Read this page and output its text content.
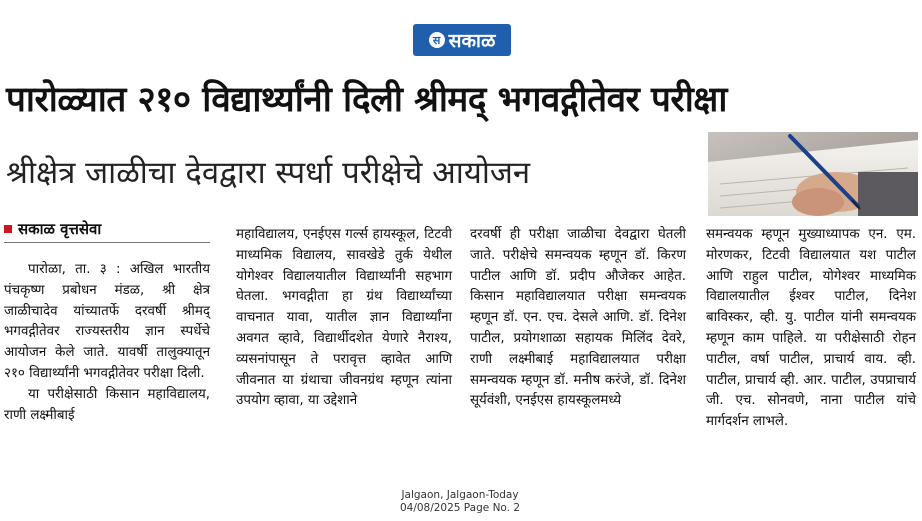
स सकाळ
पारोळ्यात २१० विद्यार्थ्यांनी दिली श्रीमद् भगवद्गीतेवर परीक्षा
श्रीक्षेत्र जाळीचा देवद्वारा स्पर्धा परीक्षेचे आयोजन
सकाळ वृत्तसेवा

पारोळा, ता. ३ : अखिल भारतीय पंचकृष्ण प्रबोधन मंडळ, श्री क्षेत्र जाळीचादेव यांच्यातर्फे दरवर्षी श्रीमद् भगवद्गीतेवर राज्यस्तरीय ज्ञान स्पर्धेचे आयोजन केले जाते. यावर्षी तालुक्यातून २१० विद्यार्थ्यांनी भगवद्गीतेवर परीक्षा दिली.

या परीक्षेसाठी किसान महाविद्यालय, राणी लक्ष्मीबाई

महाविद्यालय, एनईएस गर्ल्स हायस्कूल, टिटवी माध्यमिक विद्यालय, सावखेडे तुर्क येथील योगेश्वर विद्यालयातील विद्यार्थ्यांनी सहभाग घेतला. भगवद्गीता हा ग्रंथ विद्यार्थ्यांच्या वाचनात यावा, यातील ज्ञान विद्यार्थ्यांना अवगत व्हावे, विद्यार्थीदशेत येणारे नैराश्य, व्यसनांपासून ते परावृत्त व्हावेत आणि जीवनात या ग्रंथाचा जीवनग्रंथ म्हणून त्यांना उपयोग व्हावा, या उद्देशाने

दरवर्षी ही परीक्षा जाळीचा देवद्वारा घेतली जाते. परीक्षेचे समन्वयक म्हणून डॉ. किरण पाटील आणि डॉ. प्रदीप औजेकर आहेत. किसान महाविद्यालयात परीक्षा समन्वयक म्हणून डॉ. एन. एच. देसले आणि. डॉ. दिनेश पाटील, प्रयोगशाळा सहायक मिलिंद देवरे, राणी लक्ष्मीबाई महाविद्यालयात परीक्षा समन्वयक म्हणून डॉ. मनीष करंजे, डॉ. दिनेश सूर्यवंशी, एनईएस हायस्कूलमध्ये

समन्वयक म्हणून मुख्याध्यापक एन. एम. मोरणकर, टिटवी विद्यालयात यश पाटील आणि राहुल पाटील, योगेश्वर माध्यमिक विद्यालयातील ईश्वर पाटील, दिनेश बाविस्कर, व्ही. यु. पाटील यांनी समन्वयक म्हणून काम पाहिले. या परीक्षेसाठी रोहन पाटील, वर्षा पाटील, प्राचार्य वाय. व्ही. पाटील, प्राचार्य व्ही. आर. पाटील, उपप्राचार्य जी. एच. सोनवणे, नाना पाटील यांचे मार्गदर्शन लाभले.

Jalgaon, Jalgaon-Today
04/08/2025 Page No. 2
